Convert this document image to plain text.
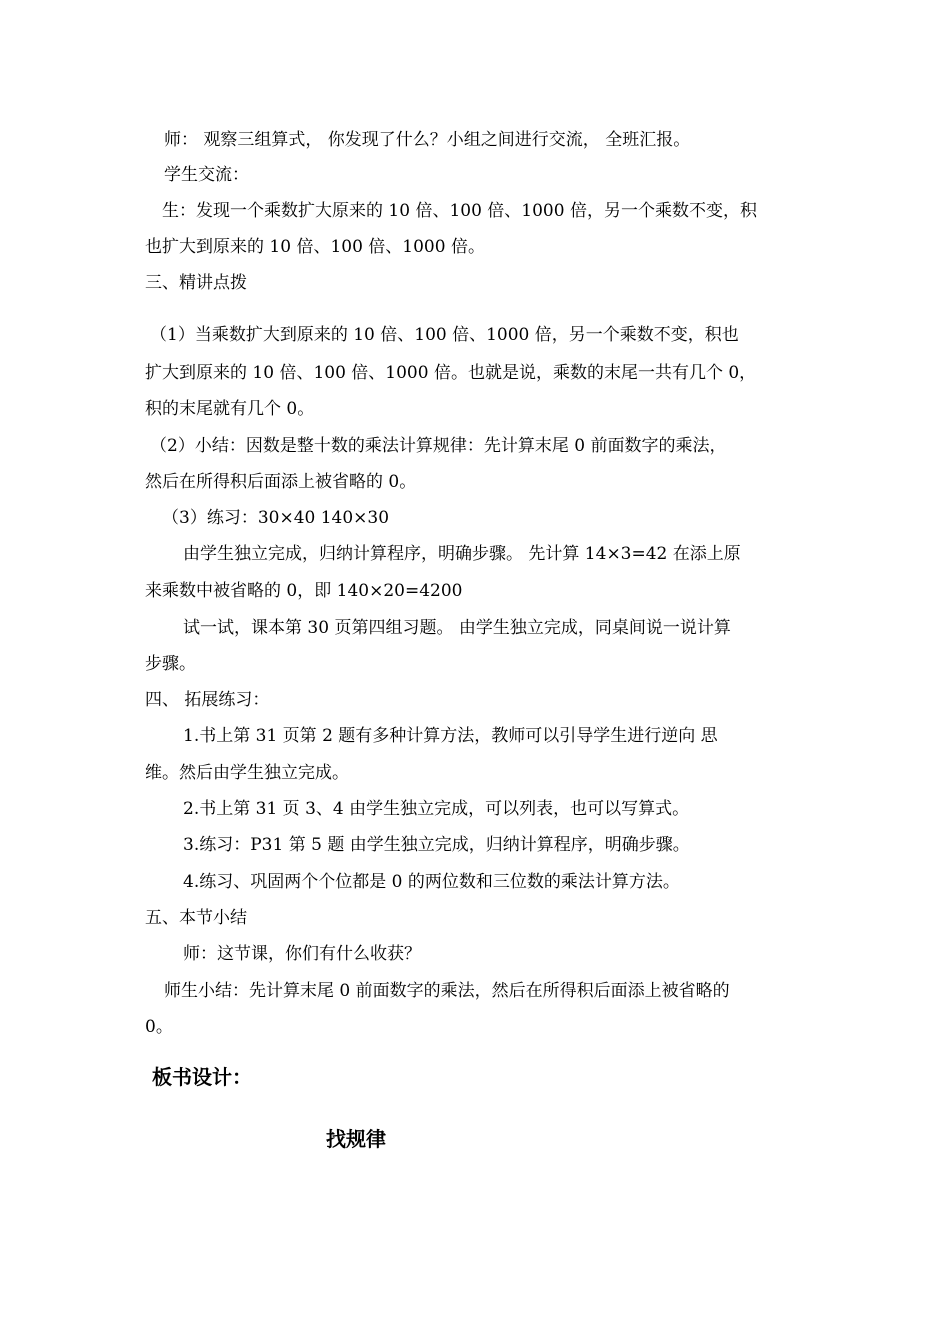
师： 观察三组算式， 你发现了什么？小组之间进行交流， 全班汇报。
学生交流：
生：发现一个乘数扩大原来的 10 倍、100 倍、1000 倍，另一个乘数不变，积
也扩大到原来的 10 倍、100 倍、1000 倍。
三、精讲点拨
（1）当乘数扩大到原来的 10 倍、100 倍、1000 倍，另一个乘数不变，积也
扩大到原来的 10 倍、100 倍、1000 倍。也就是说，乘数的末尾一共有几个 0，
积的末尾就有几个 0。
（2）小结：因数是整十数的乘法计算规律：先计算末尾 0 前面数字的乘法，
然后在所得积后面添上被省略的 0。
（3）练习：30×40 140×30
由学生独立完成，归纳计算程序，明确步骤。 先计算 14×3=42 在添上原
来乘数中被省略的 0，即 140×20=4200
试一试，课本第 30 页第四组习题。 由学生独立完成，同桌间说一说计算
步骤。
四、 拓展练习：
1.书上第 31 页第 2 题有多种计算方法，教师可以引导学生进行逆向 思
维。然后由学生独立完成。
2.书上第 31 页 3、4 由学生独立完成，可以列表，也可以写算式。
3.练习：P31 第 5 题 由学生独立完成，归纳计算程序，明确步骤。
4.练习、巩固两个个位都是 0 的两位数和三位数的乘法计算方法。
五、本节小结
师：这节课，你们有什么收获？
师生小结：先计算末尾 0 前面数字的乘法，然后在所得积后面添上被省略的
0。
板书设计：
找规律
